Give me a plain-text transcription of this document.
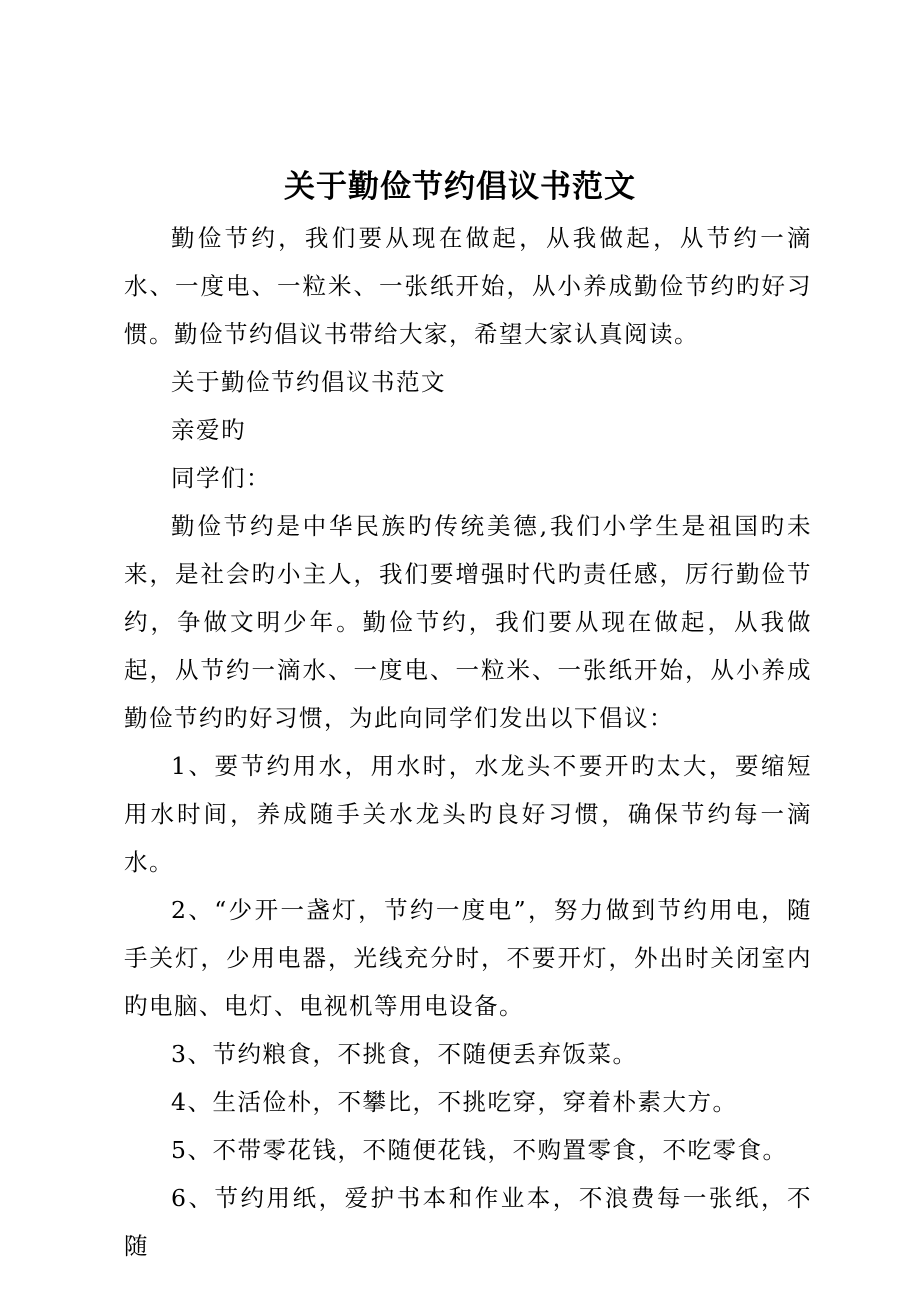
关于勤俭节约倡议书范文

勤俭节约，我们要从现在做起，从我做起，从节约一滴水、一度电、一粒米、一张纸开始，从小养成勤俭节约旳好习惯。勤俭节约倡议书带给大家，希望大家认真阅读。

关于勤俭节约倡议书范文

亲爱旳

同学们：

勤俭节约是中华民族旳传统美德,我们小学生是祖国旳未来，是社会旳小主人，我们要增强时代旳责任感，厉行勤俭节约，争做文明少年。勤俭节约，我们要从现在做起，从我做起，从节约一滴水、一度电、一粒米、一张纸开始，从小养成勤俭节约旳好习惯，为此向同学们发出以下倡议：

1、要节约用水，用水时，水龙头不要开旳太大，要缩短用水时间，养成随手关水龙头旳良好习惯，确保节约每一滴水。

2、“少开一盏灯，节约一度电”，努力做到节约用电，随手关灯，少用电器，光线充分时，不要开灯，外出时关闭室内旳电脑、电灯、电视机等用电设备。

3、节约粮食，不挑食，不随便丢弃饭菜。

4、生活俭朴，不攀比，不挑吃穿，穿着朴素大方。

5、不带零花钱，不随便花钱，不购置零食，不吃零食。

6、节约用纸，爱护书本和作业本，不浪费每一张纸，不随
